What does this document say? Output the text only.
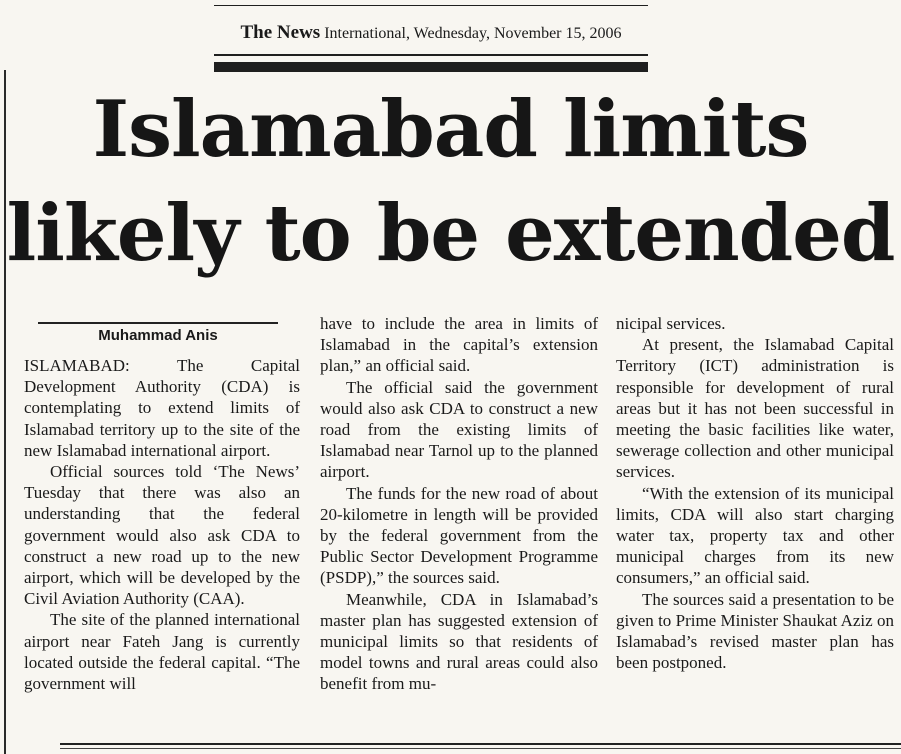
The News International, Wednesday, November 15, 2006
Islamabad limits
likely to be extended
Muhammad Anis

ISLAMABAD: The Capital Development Authority (CDA) is contemplating to extend limits of Islamabad territory up to the site of the new Islamabad international airport.

Official sources told ‘The News’ Tuesday that there was also an understanding that the federal government would also ask CDA to construct a new road up to the new airport, which will be developed by the Civil Aviation Authority (CAA).

The site of the planned international airport near Fateh Jang is currently located outside the federal capital. “The government will

have to include the area in limits of Islamabad in the capital’s extension plan,” an official said.

The official said the government would also ask CDA to construct a new road from the existing limits of Islamabad near Tarnol up to the planned airport.

The funds for the new road of about 20-kilometre in length will be provided by the federal government from the Public Sector Development Programme (PSDP),” the sources said.

Meanwhile, CDA in Islamabad’s master plan has suggested extension of municipal limits so that residents of model towns and rural areas could also benefit from mu-

nicipal services.

At present, the Islamabad Capital Territory (ICT) administration is responsible for development of rural areas but it has not been successful in meeting the basic facilities like water, sewerage collection and other municipal services.

“With the extension of its municipal limits, CDA will also start charging water tax, property tax and other municipal charges from its new consumers,” an official said.

The sources said a presentation to be given to Prime Minister Shaukat Aziz on Islamabad’s revised master plan has been postponed.
